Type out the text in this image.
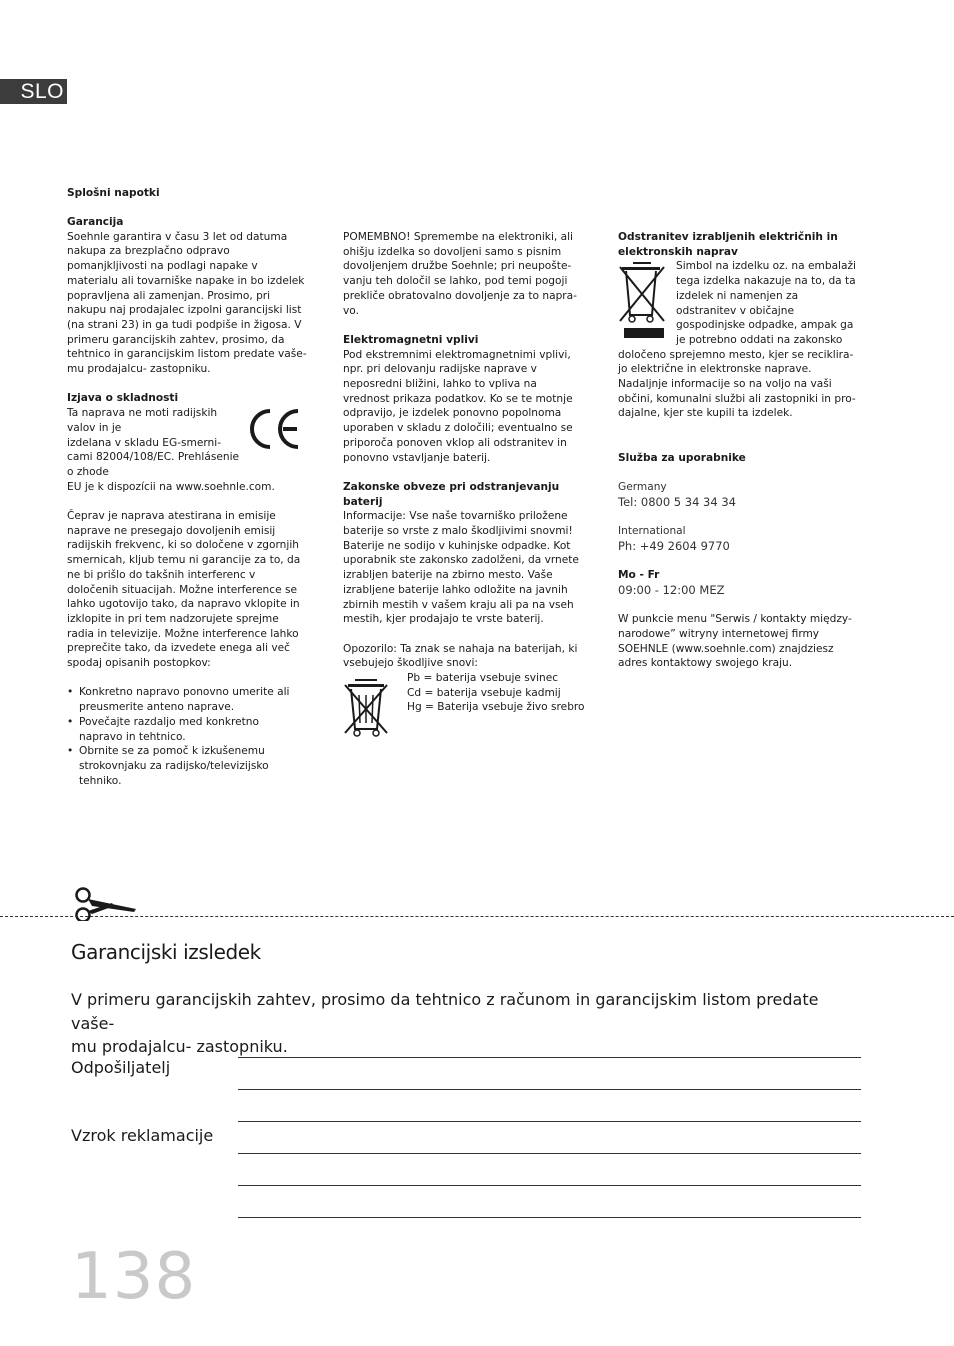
SLO
Splošni napotki

Garancija

Soehnle garantira v času 3 let od datuma

nakupa za brezplačno odpravo

pomanjkljivosti na podlagi napake v

materialu ali tovarniške napake in bo izdelek

popravljena ali zamenjan. Prosimo, pri

nakupu naj prodajalec izpolni garancijski list

(na strani 23) in ga tudi podpiše in žigosa. V

primeru garancijskih zahtev, prosimo, da

tehtnico in garancijskim listom predate vaše-

mu prodajalcu- zastopniku.

Izjava o skladnosti

Ta naprava ne moti radijskih

valov in je

izdelana v skladu EG-smerni-

cami 82004/108/EC. Prehlásenie o zhode

EU je k dispozícii na www.soehnle.com.

Čeprav je naprava atestirana in emisije

naprave ne presegajo dovoljenih emisij

radijskih frekvenc, ki so določene v zgornjih

smernicah, kljub temu ni garancije za to, da

ne bi prišlo do takšnih interferenc v

določenih situacijah. Možne interference se

lahko ugotovijo tako, da napravo vklopite in

izklopite in pri tem nadzorujete sprejme

radia in televizije. Možne interference lahko

preprečite tako, da izvedete enega ali več

spodaj opisanih postopkov:

• Konkretno napravo ponovno umerite ali

preusmerite anteno naprave.

• Povečajte razdaljo med konkretno

napravo in tehtnico.

• Obrnite se za pomoč k izkušenemu

strokovnjaku za radijsko/televizijsko

tehniko.

POMEMBNO! Spremembe na elektroniki, ali

ohišju izdelka so dovoljeni samo s pisnim

dovoljenjem družbe Soehnle; pri neupošte-

vanju teh določil se lahko, pod temi pogoji

prekliče obratovalno dovoljenje za to napra-

vo.

Elektromagnetni vplivi

Pod ekstremnimi elektromagnetnimi vplivi,

npr. pri delovanju radijske naprave v

neposredni bližini, lahko to vpliva na

vrednost prikaza podatkov. Ko se te motnje

odpravijo, je izdelek ponovno popolnoma

uporaben v skladu z določili; eventualno se

priporoča ponoven vklop ali odstranitev in

ponovno vstavljanje baterij.

Zakonske obveze pri odstranjevanju baterij

Informacije: Vse naše tovarniško priložene

baterije so vrste z malo škodljivimi snovmi!

Baterije ne sodijo v kuhinjske odpadke. Kot

uporabnik ste zakonsko zadolženi, da vrnete

izrabljen baterije na zbirno mesto. Vaše

izrabljene baterije lahko odložite na javnih

zbirnih mestih v vašem kraju ali pa na vseh

mestih, kjer prodajajo te vrste baterij.

Opozorilo: Ta znak se nahaja na baterijah, ki

vsebujejo škodljive snovi:

Pb = baterija vsebuje svinec

Cd = baterija vsebuje kadmij

Hg = Baterija vsebuje živo srebro

Odstranitev izrabljenih električnih in
elektronskih naprav

Simbol na izdelku oz. na embalaži

tega izdelka nakazuje na to, da ta

izdelek ni namenjen za

odstranitev v običajne

gospodinjske odpadke, ampak ga

je potrebno oddati na zakonsko

določeno sprejemno mesto, kjer se reciklira-

jo električne in elektronske naprave.

Nadaljnje informacije so na voljo na vaši

občini, komunalni službi ali zastopniki in pro-

dajalne, kjer ste kupili ta izdelek.

Služba za uporabnike

Germany

Tel: 0800 5 34 34 34

International

Ph: +49 2604 9770

Mo - Fr

09:00 - 12:00 MEZ

W punkcie menu "Serwis / kontakty między-

narodowe” witryny internetowej firmy

SOEHNLE (www.soehnle.com) znajdziesz

adres kontaktowy swojego kraju.

Garancijski izsledek
V primeru garancijskih zahtev, prosimo da tehtnico z računom in garancijskim listom predate vaše-
mu prodajalcu- zastopniku.
Odpošiljatelj
Vzrok reklamacije
138
